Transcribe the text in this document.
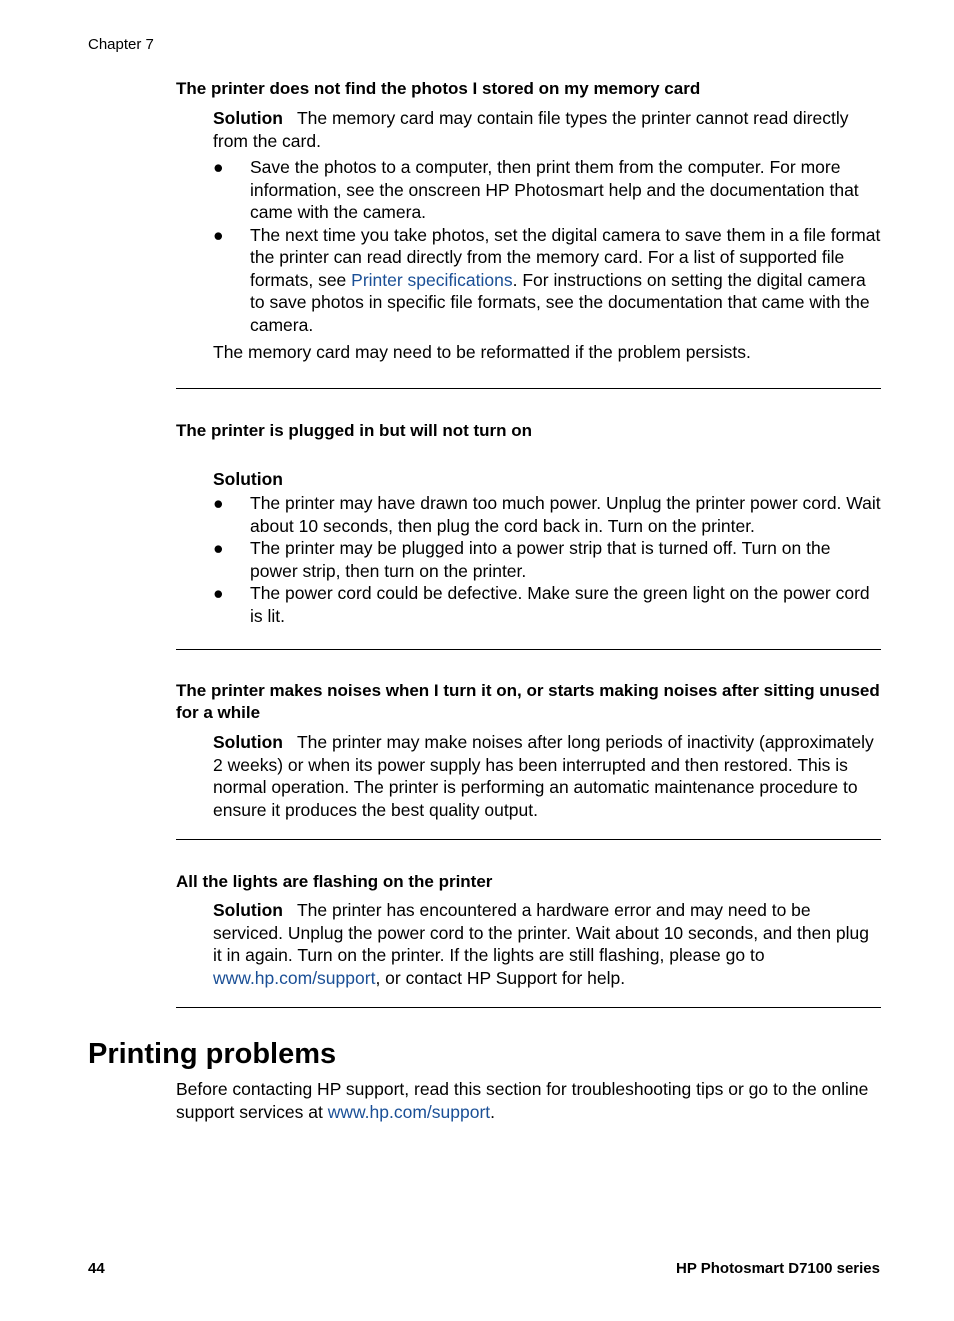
Chapter 7
The printer does not find the photos I stored on my memory card
Solution The memory card may contain file types the printer cannot read directly from the card.
● Save the photos to a computer, then print them from the computer. For more information, see the onscreen HP Photosmart help and the documentation that came with the camera.
● The next time you take photos, set the digital camera to save them in a file format the printer can read directly from the memory card. For a list of supported file formats, see Printer specifications. For instructions on setting the digital camera to save photos in specific file formats, see the documentation that came with the camera.
The memory card may need to be reformatted if the problem persists.
The printer is plugged in but will not turn on
Solution
● The printer may have drawn too much power. Unplug the printer power cord. Wait about 10 seconds, then plug the cord back in. Turn on the printer.
● The printer may be plugged into a power strip that is turned off. Turn on the power strip, then turn on the printer.
● The power cord could be defective. Make sure the green light on the power cord is lit.
The printer makes noises when I turn it on, or starts making noises after sitting unused for a while
Solution The printer may make noises after long periods of inactivity (approximately 2 weeks) or when its power supply has been interrupted and then restored. This is normal operation. The printer is performing an automatic maintenance procedure to ensure it produces the best quality output.
All the lights are flashing on the printer
Solution The printer has encountered a hardware error and may need to be serviced. Unplug the power cord to the printer. Wait about 10 seconds, and then plug it in again. Turn on the printer. If the lights are still flashing, please go to www.hp.com/support, or contact HP Support for help.
Printing problems

Before contacting HP support, read this section for troubleshooting tips or go to the online support services at www.hp.com/support.

44	HP Photosmart D7100 series
